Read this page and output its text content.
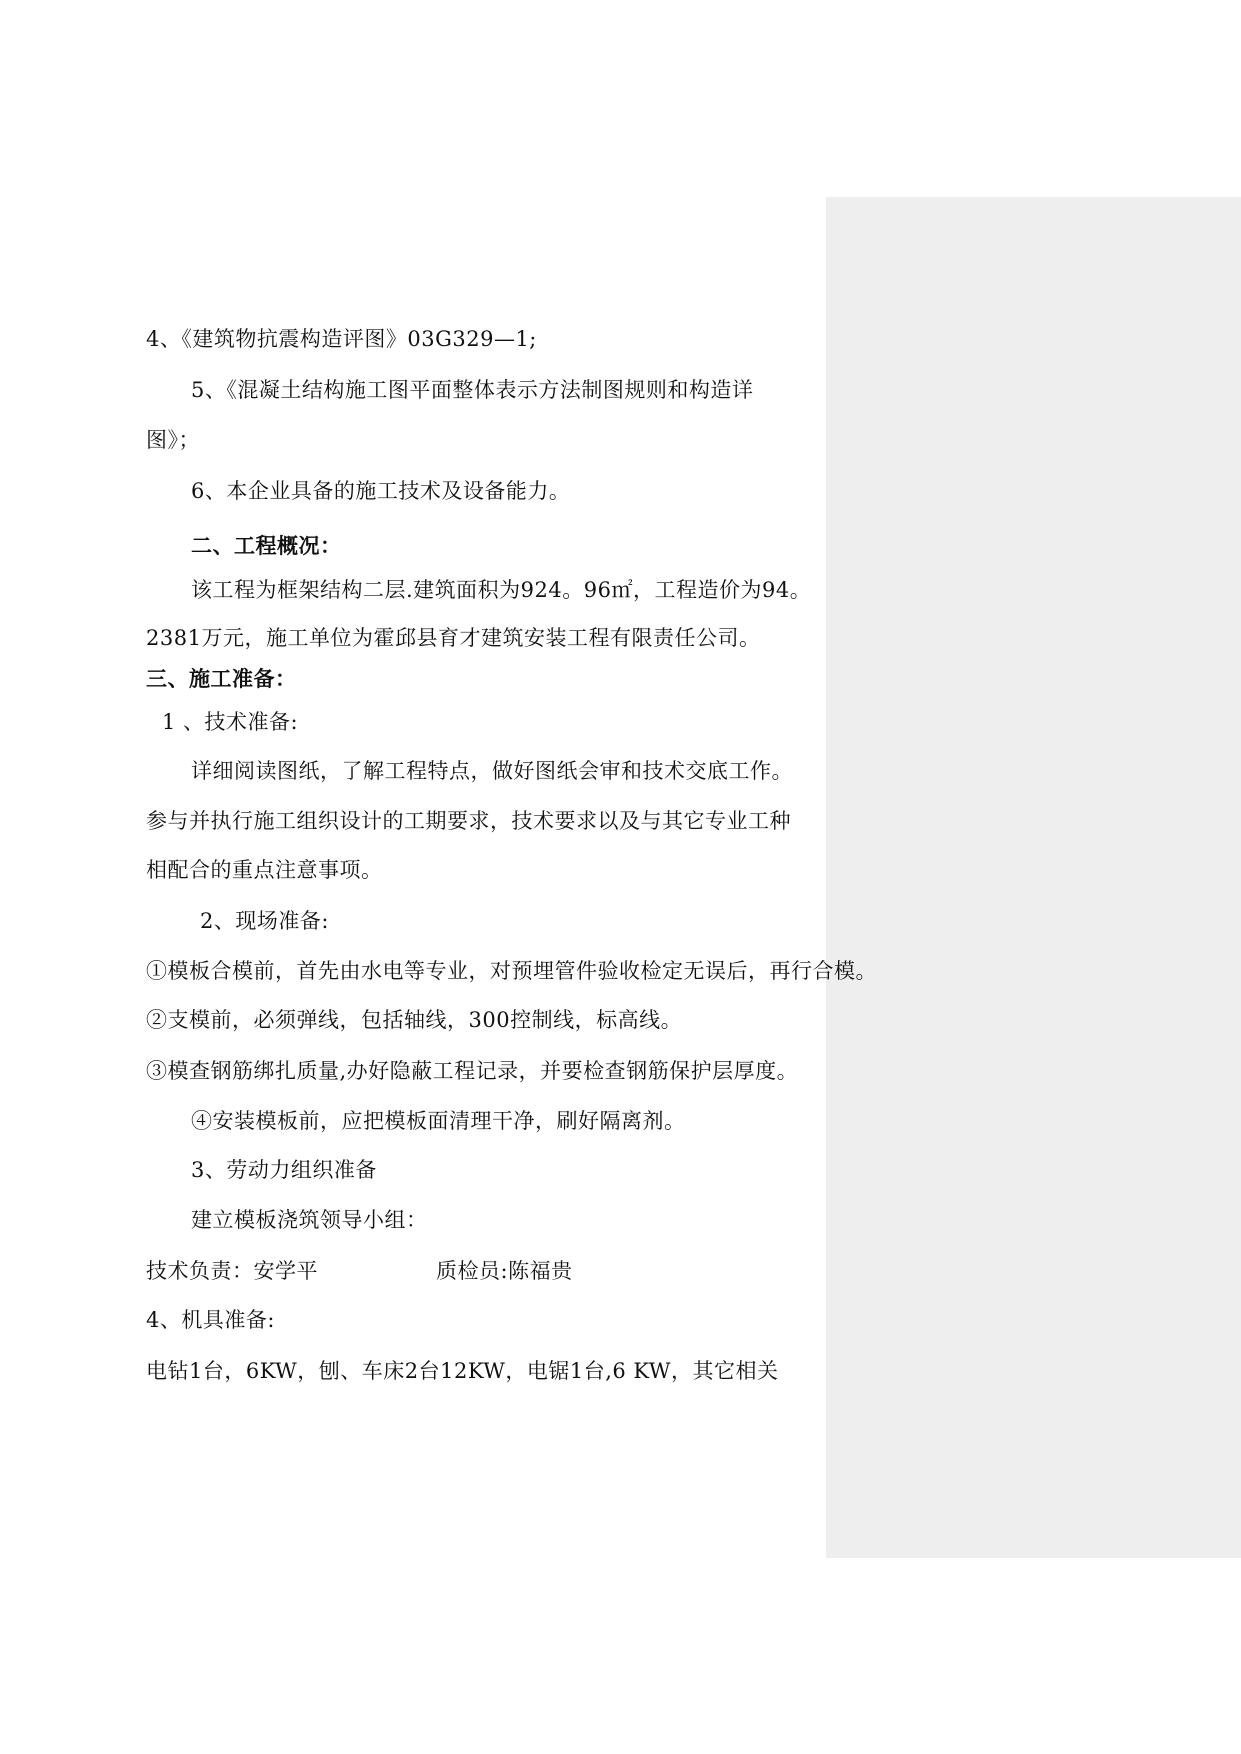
4、《建筑物抗震构造评图》03G329—1;
5、《混凝土结构施工图平面整体表示方法制图规则和构造详
图》；
6、本企业具备的施工技术及设备能力。
二、工程概况：
该工程为框架结构二层.建筑面积为924。96㎡，工程造价为94。
2381万元，施工单位为霍邱县育才建筑安装工程有限责任公司。
三、施工准备：
1 、技术准备:
详细阅读图纸，了解工程特点，做好图纸会审和技术交底工作。
参与并执行施工组织设计的工期要求，技术要求以及与其它专业工种
相配合的重点注意事项。
2、现场准备:
①模板合模前，首先由水电等专业，对预埋管件验收检定无误后，再行合模。
②支模前，必须弹线，包括轴线，300控制线，标高线。
③模查钢筋绑扎质量,办好隐蔽工程记录，并要检查钢筋保护层厚度。
④安装模板前，应把模板面清理干净，刷好隔离剂。
3、劳动力组织准备
建立模板浇筑领导小组：
技术负责：安学平	质检员:陈福贵
4、机具准备:
电钻1台，6KW，刨、车床2台12KW，电锯1台,6 KW，其它相关
